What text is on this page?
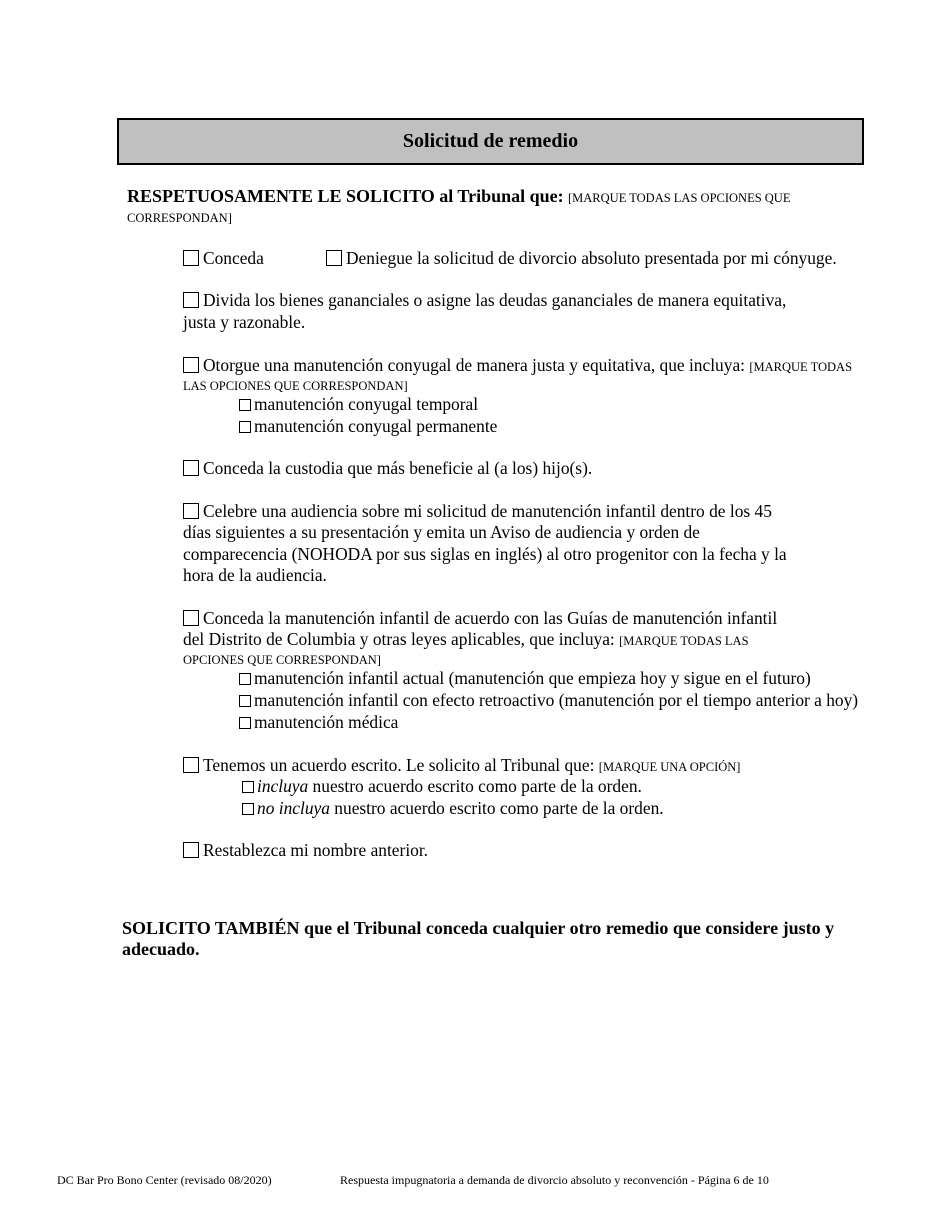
Solicitud de remedio
RESPETUOSAMENTE LE SOLICITO al Tribunal que: [MARQUE TODAS LAS OPCIONES QUE
CORRESPONDAN]
Conceda	Deniegue la solicitud de divorcio absoluto presentada por mi cónyuge.
Divida los bienes gananciales o asigne las deudas gananciales de manera equitativa,
justa y razonable.
Otorgue una manutención conyugal de manera justa y equitativa, que incluya: [MARQUE TODAS
LAS OPCIONES QUE CORRESPONDAN]
manutención conyugal temporal
manutención conyugal permanente
Conceda la custodia que más beneficie al (a los) hijo(s).
Celebre una audiencia sobre mi solicitud de manutención infantil dentro de los 45
días siguientes a su presentación y emita un Aviso de audiencia y orden de
comparecencia (NOHODA por sus siglas en inglés) al otro progenitor con la fecha y la
hora de la audiencia.
Conceda la manutención infantil de acuerdo con las Guías de manutención infantil
del Distrito de Columbia y otras leyes aplicables, que incluya: [MARQUE TODAS LAS
OPCIONES QUE CORRESPONDAN]
manutención infantil actual (manutención que empieza hoy y sigue en el futuro)
manutención infantil con efecto retroactivo (manutención por el tiempo anterior a hoy)
manutención médica
Tenemos un acuerdo escrito. Le solicito al Tribunal que: [MARQUE UNA OPCIÓN]
incluya nuestro acuerdo escrito como parte de la orden.
no incluya nuestro acuerdo escrito como parte de la orden.
Restablezca mi nombre anterior.
SOLICITO TAMBIÉN que el Tribunal conceda cualquier otro remedio que considere justo y
adecuado.
DC Bar Pro Bono Center (revisado 08/2020)	Respuesta impugnatoria a demanda de divorcio absoluto y reconvención - Página 6 de 10
